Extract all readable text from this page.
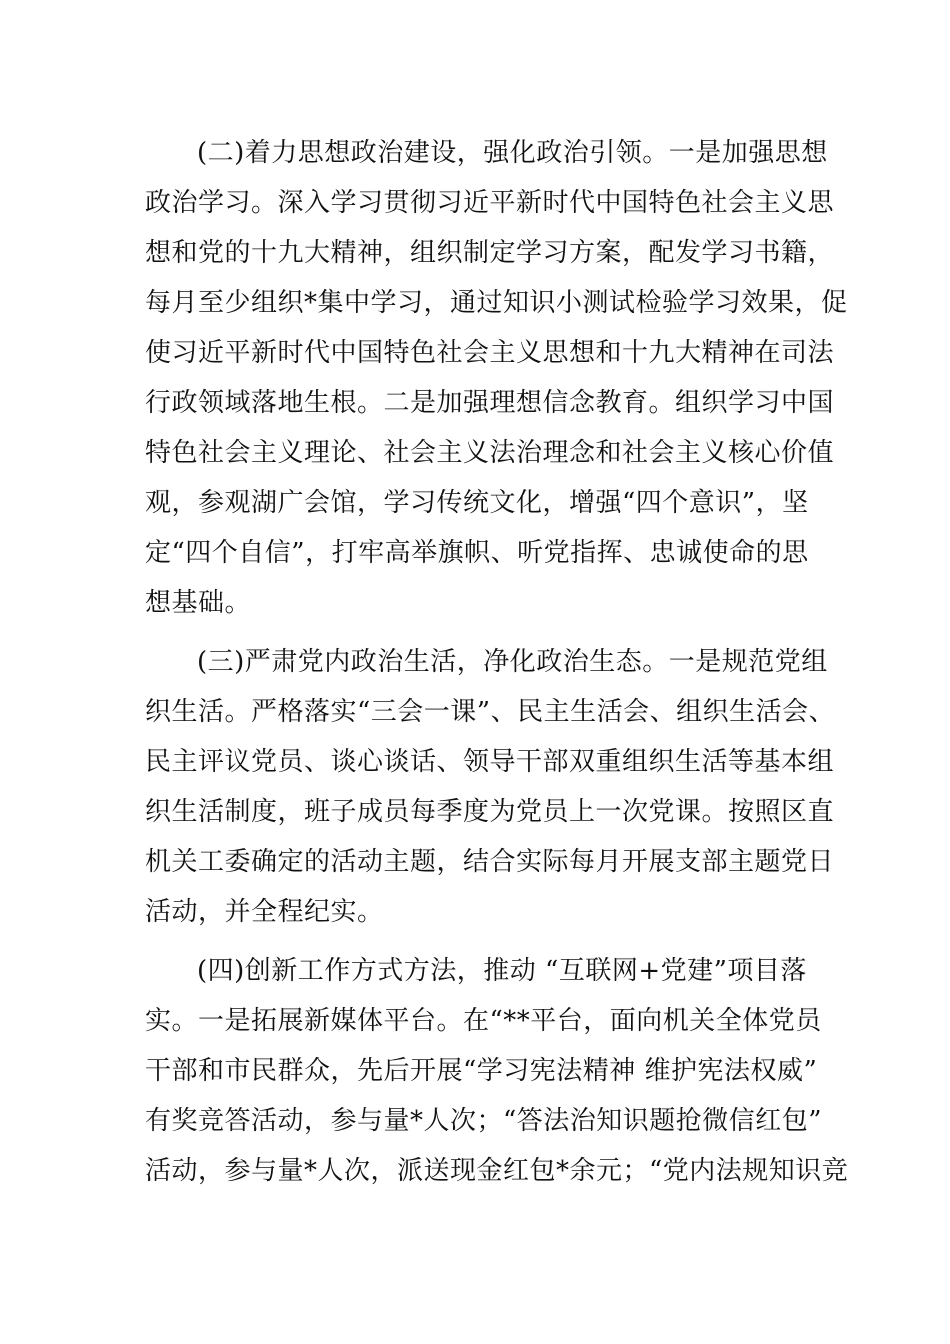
(二)着力思想政治建设，强化政治引领。一是加强思想
政治学习。深入学习贯彻习近平新时代中国特色社会主义思
想和党的十九大精神，组织制定学习方案，配发学习书籍，
每月至少组织*集中学习，通过知识小测试检验学习效果，促
使习近平新时代中国特色社会主义思想和十九大精神在司法
行政领域落地生根。二是加强理想信念教育。组织学习中国
特色社会主义理论、社会主义法治理念和社会主义核心价值
观，参观湖广会馆，学习传统文化，增强“四个意识”，坚
定“四个自信”，打牢高举旗帜、听党指挥、忠诚使命的思
想基础。
(三)严肃党内政治生活，净化政治生态。一是规范党组
织生活。严格落实“三会一课”、民主生活会、组织生活会、
民主评议党员、谈心谈话、领导干部双重组织生活等基本组
织生活制度，班子成员每季度为党员上一次党课。按照区直
机关工委确定的活动主题，结合实际每月开展支部主题党日
活动，并全程纪实。
(四)创新工作方式方法，推动 “互联网+党建”项目落
实。一是拓展新媒体平台。在“**平台，面向机关全体党员
干部和市民群众，先后开展“学习宪法精神 维护宪法权威”
有奖竞答活动，参与量*人次；“答法治知识题抢微信红包”
活动，参与量*人次，派送现金红包*余元；“党内法规知识竞
